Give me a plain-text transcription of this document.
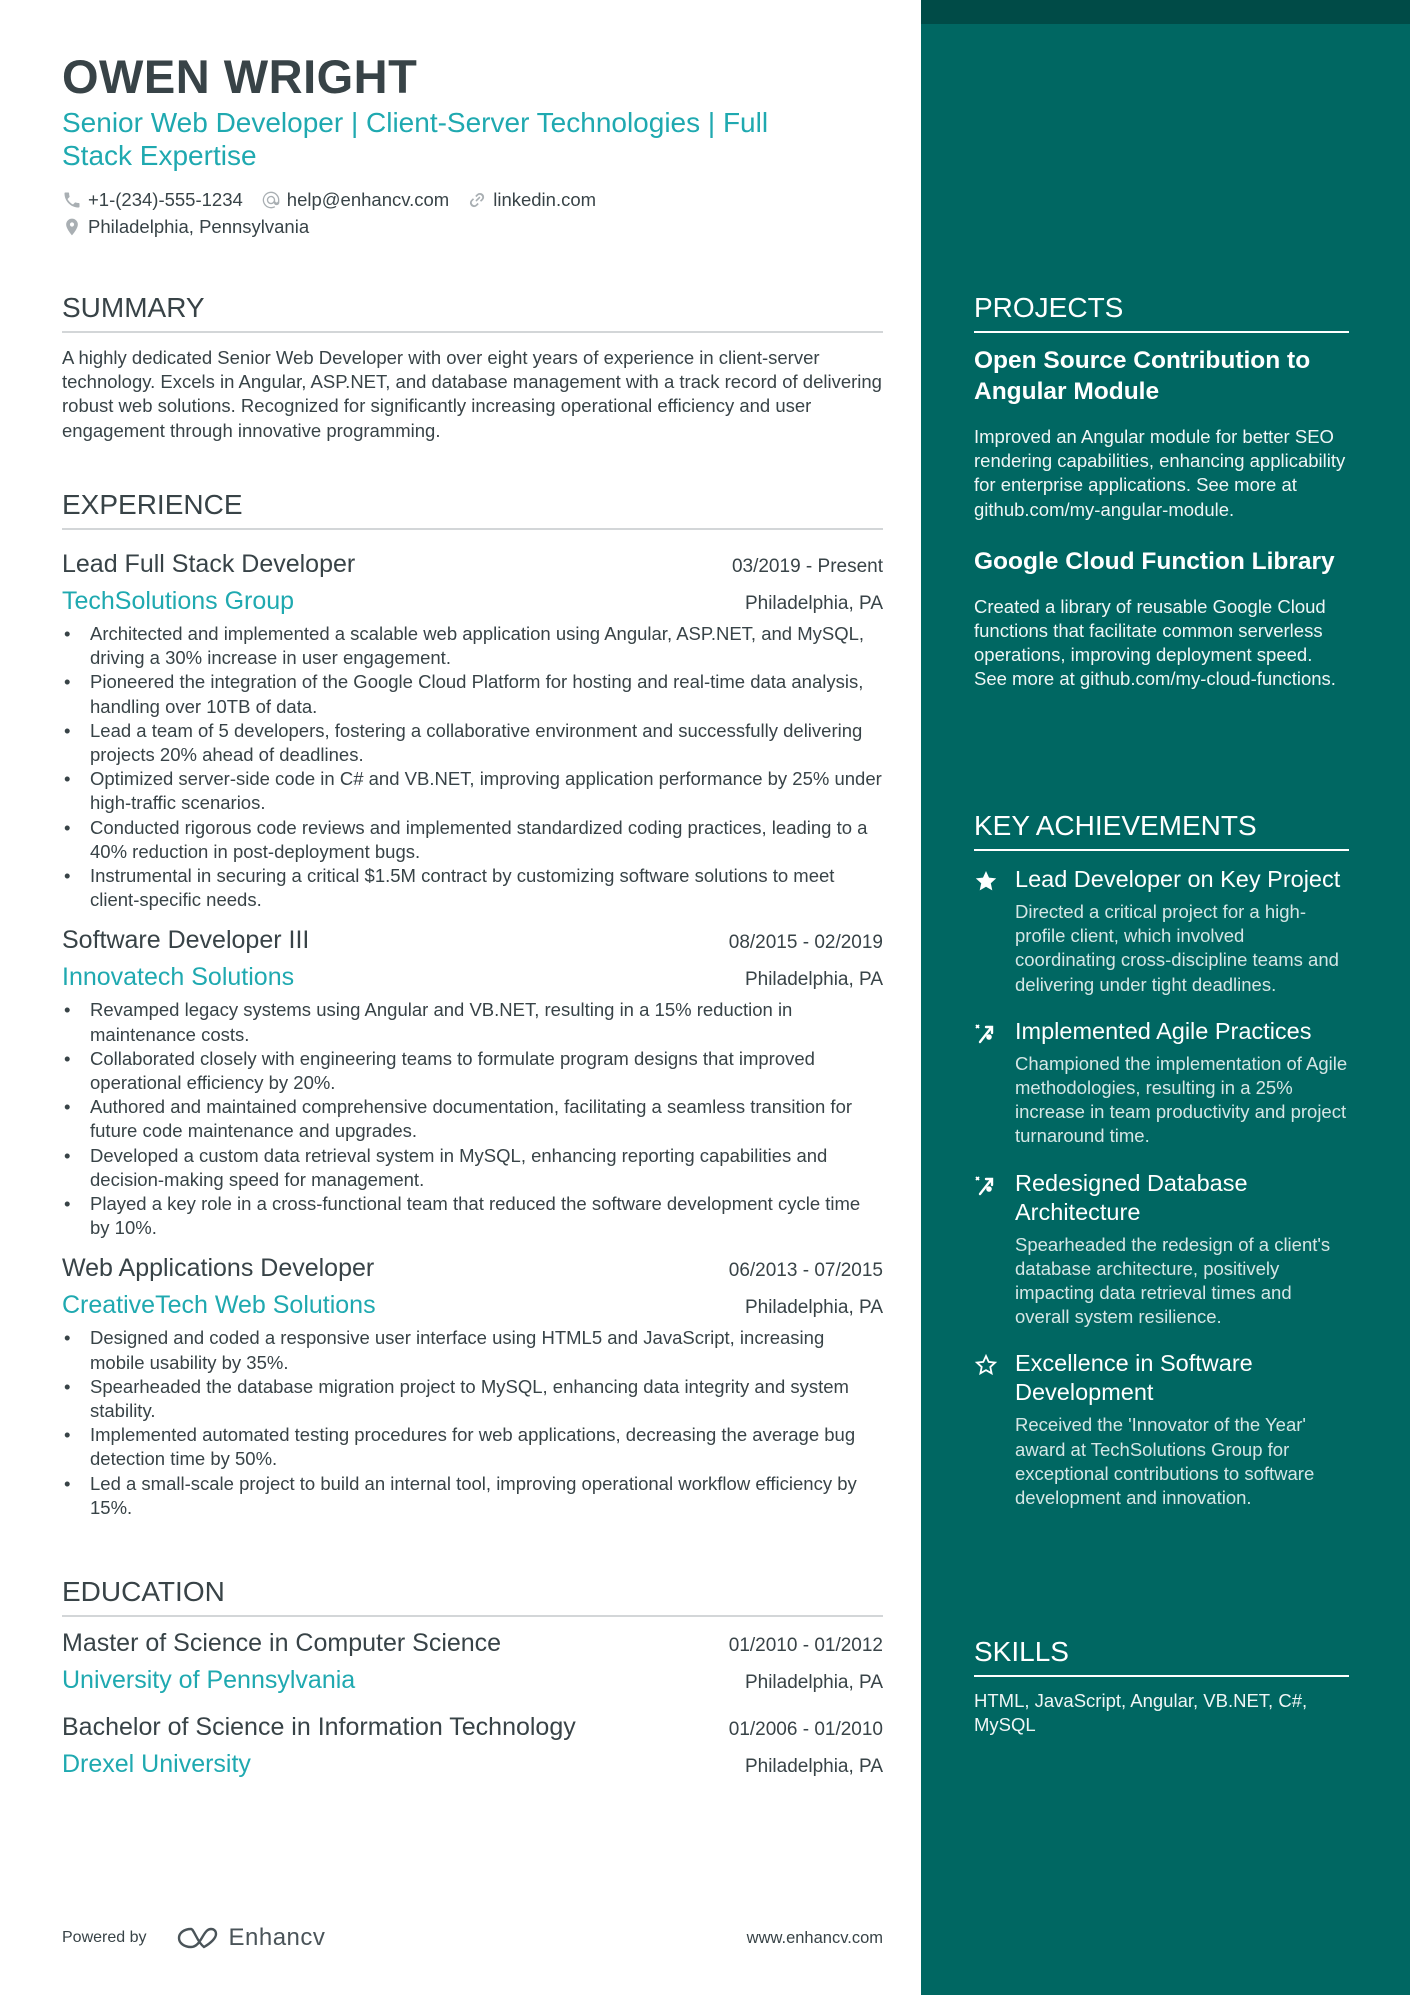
OWEN WRIGHT
Senior Web Developer | Client-Server Technologies | Full Stack Expertise
+1-(234)-555-1234 help@enhancv.com linkedin.com
Philadelphia, Pennsylvania
SUMMARY
A highly dedicated Senior Web Developer with over eight years of experience in client-server technology. Excels in Angular, ASP.NET, and database management with a track record of delivering robust web solutions. Recognized for significantly increasing operational efficiency and user engagement through innovative programming.
EXPERIENCE
Lead Full Stack Developer	03/2019 - Present
TechSolutions Group	Philadelphia, PA
• Architected and implemented a scalable web application using Angular, ASP.NET, and MySQL, driving a 30% increase in user engagement.
• Pioneered the integration of the Google Cloud Platform for hosting and real-time data analysis, handling over 10TB of data.
• Lead a team of 5 developers, fostering a collaborative environment and successfully delivering projects 20% ahead of deadlines.
• Optimized server-side code in C# and VB.NET, improving application performance by 25% under high-traffic scenarios.
• Conducted rigorous code reviews and implemented standardized coding practices, leading to a 40% reduction in post-deployment bugs.
• Instrumental in securing a critical $1.5M contract by customizing software solutions to meet client-specific needs.
Software Developer III	08/2015 - 02/2019
Innovatech Solutions	Philadelphia, PA
• Revamped legacy systems using Angular and VB.NET, resulting in a 15% reduction in maintenance costs.
• Collaborated closely with engineering teams to formulate program designs that improved operational efficiency by 20%.
• Authored and maintained comprehensive documentation, facilitating a seamless transition for future code maintenance and upgrades.
• Developed a custom data retrieval system in MySQL, enhancing reporting capabilities and decision-making speed for management.
• Played a key role in a cross-functional team that reduced the software development cycle time by 10%.
Web Applications Developer	06/2013 - 07/2015
CreativeTech Web Solutions	Philadelphia, PA
• Designed and coded a responsive user interface using HTML5 and JavaScript, increasing mobile usability by 35%.
• Spearheaded the database migration project to MySQL, enhancing data integrity and system stability.
• Implemented automated testing procedures for web applications, decreasing the average bug detection time by 50%.
• Led a small-scale project to build an internal tool, improving operational workflow efficiency by 15%.
EDUCATION
Master of Science in Computer Science	01/2010 - 01/2012
University of Pennsylvania	Philadelphia, PA
Bachelor of Science in Information Technology	01/2006 - 01/2010
Drexel University	Philadelphia, PA
PROJECTS
Open Source Contribution to Angular Module
Improved an Angular module for better SEO rendering capabilities, enhancing applicability for enterprise applications. See more at github.com/my-angular-module.
Google Cloud Function Library
Created a library of reusable Google Cloud functions that facilitate common serverless operations, improving deployment speed. See more at github.com/my-cloud-functions.
KEY ACHIEVEMENTS
Lead Developer on Key Project
Directed a critical project for a high-profile client, which involved coordinating cross-discipline teams and delivering under tight deadlines.
Implemented Agile Practices
Championed the implementation of Agile methodologies, resulting in a 25% increase in team productivity and project turnaround time.
Redesigned Database Architecture
Spearheaded the redesign of a client's database architecture, positively impacting data retrieval times and overall system resilience.
Excellence in Software Development
Received the 'Innovator of the Year' award at TechSolutions Group for exceptional contributions to software development and innovation.
SKILLS
HTML, JavaScript, Angular, VB.NET, C#, MySQL
Powered by	Enhancv	www.enhancv.com
